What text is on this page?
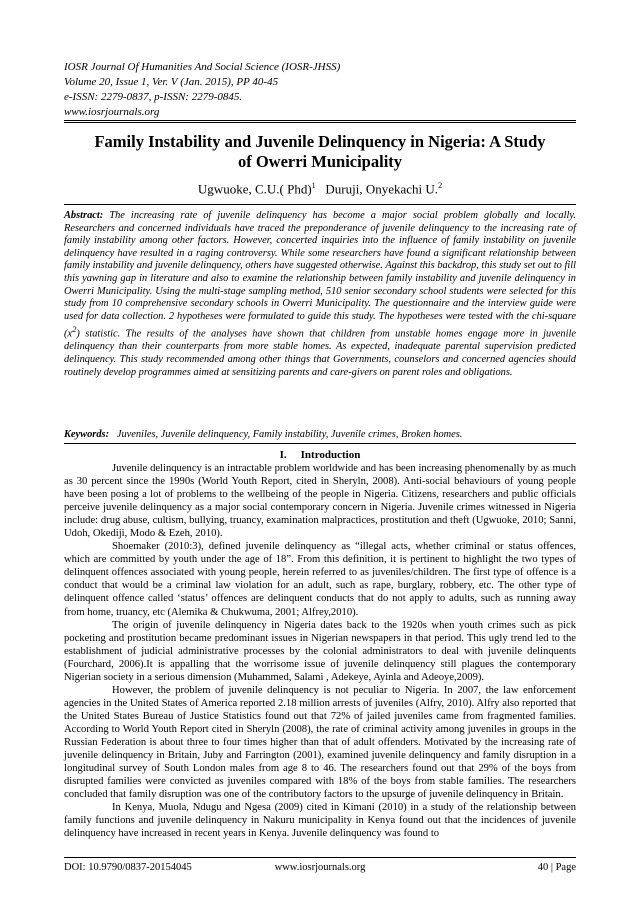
IOSR Journal Of Humanities And Social Science (IOSR-JHSS)
Volume 20, Issue 1, Ver. V (Jan. 2015), PP 40-45
e-ISSN: 2279-0837, p-ISSN: 2279-0845.
www.iosrjournals.org
Family Instability and Juvenile Delinquency in Nigeria: A Study
of Owerri Municipality
Ugwuoke, C.U.( Phd)$^1$ Duruji, Onyekachi U.$^2$
Abstract: The increasing rate of juvenile delinquency has become a major social problem globally and locally. Researchers and concerned individuals have traced the preponderance of juvenile delinquency to the increasing rate of family instability among other factors. However, concerted inquiries into the influence of family instability on juvenile delinquency have resulted in a raging controversy. While some researchers have found a significant relationship between family instability and juvenile delinquency, others have suggested otherwise. Against this backdrop, this study set out to fill this yawning gap in literature and also to examine the relationship between family instability and juvenile delinquency in Owerri Municipality. Using the multi-stage sampling method, 510 senior secondary school students were selected for this study from 10 comprehensive secondary schools in Owerri Municipality. The questionnaire and the interview guide were used for data collection. 2 hypotheses were formulated to guide this study. The hypotheses were tested with the chi-square $(x^2)$ statistic. The results of the analyses have shown that children from unstable homes engage more in juvenile delinquency than their counterparts from more stable homes. As expected, inadequate parental supervision predicted delinquency. This study recommended among other things that Governments, counselors and concerned agencies should routinely develop programmes aimed at sensitizing parents and care-givers on parent roles and obligations.
Keywords: Juveniles, Juvenile delinquency, Family instability, Juvenile crimes, Broken homes.
I. Introduction

Juvenile delinquency is an intractable problem worldwide and has been increasing phenomenally by as much as 30 percent since the 1990s (World Youth Report, cited in Sheryln, 2008). Anti-social behaviours of young people have been posing a lot of problems to the wellbeing of the people in Nigeria. Citizens, researchers and public officials perceive juvenile delinquency as a major social contemporary concern in Nigeria. Juvenile crimes witnessed in Nigeria include: drug abuse, cultism, bullying, truancy, examination malpractices, prostitution and theft (Ugwuoke, 2010; Sanni, Udoh, Okediji, Modo & Ezeh, 2010).

Shoemaker (2010:3), defined juvenile delinquency as “illegal acts, whether criminal or status offences, which are committed by youth under the age of 18”. From this definition, it is pertinent to highlight the two types of delinquent offences associated with young people, herein referred to as juveniles/children. The first type of offence is a conduct that would be a criminal law violation for an adult, such as rape, burglary, robbery, etc. The other type of delinquent offence called ‘status’ offences are delinquent conducts that do not apply to adults, such as running away from home, truancy, etc (Alemika & Chukwuma, 2001; Alfrey,2010).

The origin of juvenile delinquency in Nigeria dates back to the 1920s when youth crimes such as pick pocketing and prostitution became predominant issues in Nigerian newspapers in that period. This ugly trend led to the establishment of judicial administrative processes by the colonial administrators to deal with juvenile delinquents (Fourchard, 2006).It is appalling that the worrisome issue of juvenile delinquency still plagues the contemporary Nigerian society in a serious dimension (Muhammed, Salami , Adekeye, Ayinla and Adeoye,2009).

However, the problem of juvenile delinquency is not peculiar to Nigeria. In 2007, the law enforcement agencies in the United States of America reported 2.18 million arrests of juveniles (Alfry, 2010). Alfry also reported that the United States Bureau of Justice Statistics found out that 72% of jailed juveniles came from fragmented families. According to World Youth Report cited in Sheryln (2008), the rate of criminal activity among juveniles in groups in the Russian Federation is about three to four times higher than that of adult offenders. Motivated by the increasing rate of juvenile delinquency in Britain, Juby and Farrington (2001), examined juvenile delinquency and family disruption in a longitudinal survey of South London males from age 8 to 46. The researchers found out that 29% of the boys from disrupted families were convicted as juveniles compared with 18% of the boys from stable families. The researchers concluded that family disruption was one of the contributory factors to the upsurge of juvenile delinquency in Britain.

In Kenya, Muola, Ndugu and Ngesa (2009) cited in Kimani (2010) in a study of the relationship between family functions and juvenile delinquency in Nakuru municipality in Kenya found out that the incidences of juvenile delinquency have increased in recent years in Kenya. Juvenile delinquency was found to

DOI: 10.9790/0837-20154045	www.iosrjournals.org	40 | Page
